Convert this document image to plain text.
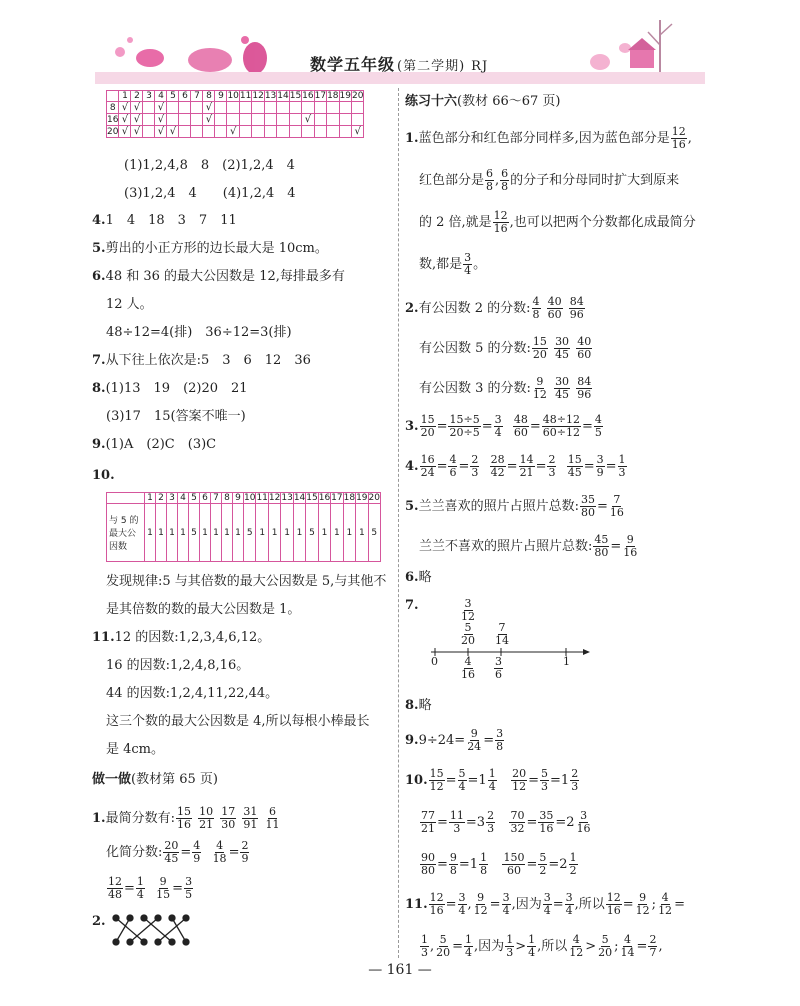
数学五年级 (第二学期) RJ
	1	2	3	4	5	6	7	8	9	10	11	12	13	14	15	16	17	18	19	20
8	√	√		√				√												
16	√	√		√				√								√				
20	√	√		√	√					√										√
(1)1,2,4,8　8　(2)1,2,4　4
(3)1,2,4　4　　(4)1,2,4　4
4.1　4　18　3　7　11
5.剪出的小正方形的边长最大是 10cm。
6.48 和 36 的最大公因数是 12,每排最多有
12 人。
48÷12=4(排)　36÷12=3(排)
7.从下往上依次是:5　3　6　12　36
8.(1)13　19　(2)20　21
(3)17　15(答案不唯一)
9.(1)A　(2)C　(3)C
10.
	1	2	3	4	5	6	7	8	9	10	11	12	13	14	15	16	17	18	19	20

与 5 的
最大公
因数	1	1	1	1	5	1	1	1	1	5	1	1	1	1	5	1	1	1	1	5
发现规律:5 与其倍数的最大公因数是 5,与其他不
是其倍数的数的最大公因数是 1。
11.12 的因数:1,2,3,4,6,12。
16 的因数:1,2,4,8,16。
44 的因数:1,2,4,11,22,44。
这三个数的最大公因数是 4,所以每根小棒最长
是 4cm。
做一做(教材第 65 页)
1.最简分数有: $\frac{15}{16}$
$\frac{10}{21}$
$\frac{17}{30}$
$\frac{31}{91}$
$\frac{6}{11}$
化简分数: $\frac{20}{45} = \frac{4}{9}$
$\frac{4}{18} = \frac{2}{9}$
$\frac{12}{48} = \frac{1}{4}$
$\frac{9}{15} = \frac{3}{5}$
2.
练习十六(教材 66～67 页)
1.蓝色部分和红色部分同样多,因为蓝色部分是 $\frac{12}{16}$ ,
红色部分是 $\frac{6}{8}$ , $\frac{6}{8}$ 的分子和分母同时扩大到原来
的 2 倍,就是 $\frac{12}{16}$ ,也可以把两个分数都化成最简分
数,都是 $\frac{3}{4}$ 。
2.有公因数 2 的分数: $\frac{4}{8}$
$\frac{40}{60}$
$\frac{84}{96}$
有公因数 5 的分数: $\frac{15}{20}$
$\frac{30}{45}$
$\frac{40}{60}$
有公因数 3 的分数: $\frac{9}{12}$
$\frac{30}{45}$
$\frac{84}{96}$
3. $\frac{15}{20} = \frac{15\div 5}{20\div 5} = \frac{3}{4}$
$\frac{48}{60} = \frac{48\div 12}{60\div 12} = \frac{4}{5}$
4. $\frac{16}{24} = \frac{4}{6} = \frac{2}{3}$
$\frac{28}{42} = \frac{14}{21} = \frac{2}{3}$
$\frac{15}{45} = \frac{3}{9} = \frac{1}{3}$
5.兰兰喜欢的照片占照片总数: $\frac{35}{80} = \frac{7}{16}$
兰兰不喜欢的照片占照片总数: $\frac{45}{80} = \frac{9}{16}$
6.略
7.
0	1
$\frac{3}{12}$
$\frac{5}{20} \frac{7}{14}$
$\frac{4}{16} \frac{3}{6}$
8.略
$9.9\div 24= \frac{9}{24} = \frac{3}{8}$
10. $\frac{15}{12} = \frac{5}{4} =1 \frac{1}{4}$
$\frac{20}{12} = \frac{5}{3} =1 \frac{2}{3}$
$\frac{77}{21} = \frac{11}{3} =3 \frac{2}{3}$
$\frac{70}{32} = \frac{35}{16} =2 \frac{3}{16}$
$\frac{90}{80} = \frac{9}{8} =1 \frac{1}{8}$
$\frac{150}{60} = \frac{5}{2} =2 \frac{1}{2}$
11. $\frac{12}{16} = \frac{3}{4}$ , $\frac{9}{12} = \frac{3}{4}$ ,因为 $\frac{3}{4} = \frac{3}{4}$ ,所以 $\frac{12}{16} = \frac{9}{12}$ ; $\frac{4}{12}$ =
$\frac{1}{3}$ , $\frac{5}{20} = \frac{1}{4}$ ,因为 $\frac{1}{3} > \frac{1}{4}$ ,所以 $\frac{4}{12} > \frac{5}{20}$ ; $\frac{4}{14} = \frac{2}{7}$ ,
— 161 —
